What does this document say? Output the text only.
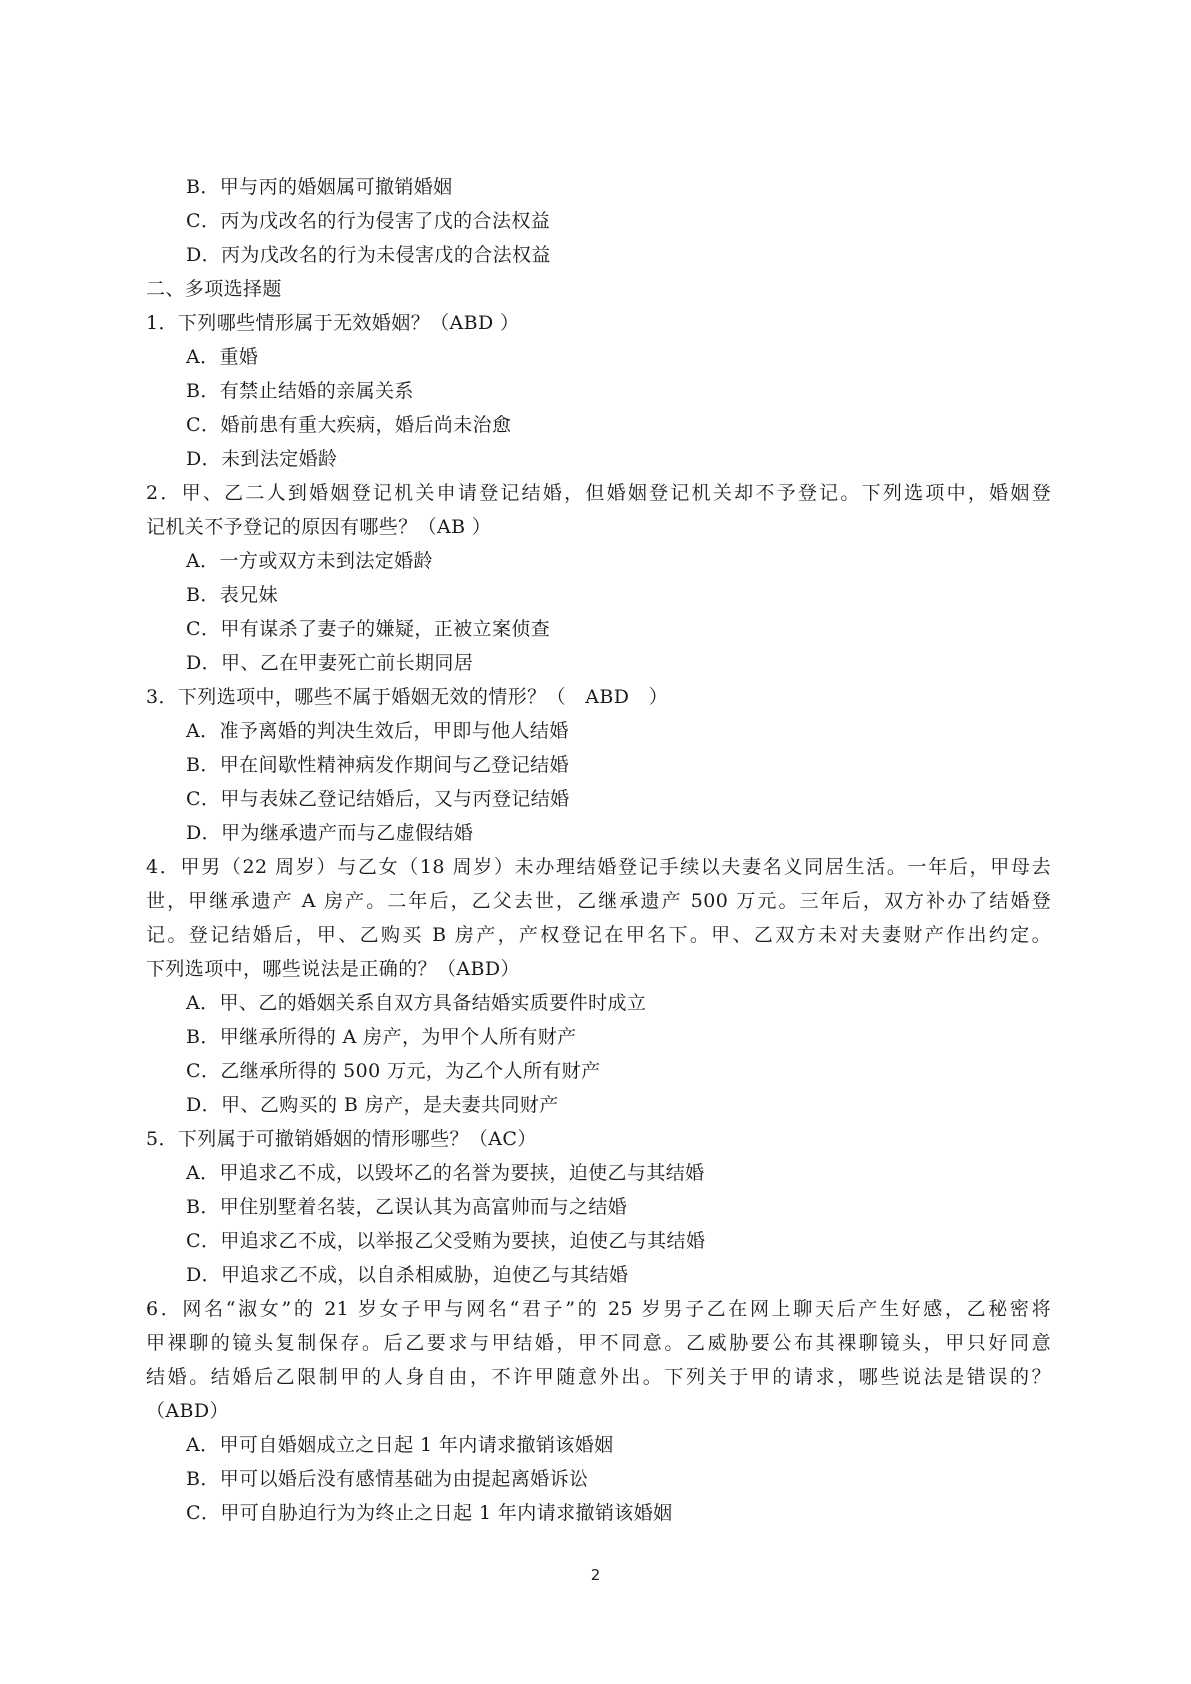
B．甲与丙的婚姻属可撤销婚姻
C．丙为戊改名的行为侵害了戊的合法权益
D．丙为戊改名的行为未侵害戊的合法权益
二、多项选择题
1．下列哪些情形属于无效婚姻？（ABD ）
A．重婚
B．有禁止结婚的亲属关系
C．婚前患有重大疾病，婚后尚未治愈
D．未到法定婚龄
2．甲、乙二人到婚姻登记机关申请登记结婚，但婚姻登记机关却不予登记。下列选项中，婚姻登
记机关不予登记的原因有哪些？（AB ）
A．一方或双方未到法定婚龄
B．表兄妹
C．甲有谋杀了妻子的嫌疑，正被立案侦查
D．甲、乙在甲妻死亡前长期同居
3．下列选项中，哪些不属于婚姻无效的情形？（　ABD　）
A．准予离婚的判决生效后，甲即与他人结婚
B．甲在间歇性精神病发作期间与乙登记结婚
C．甲与表妹乙登记结婚后，又与丙登记结婚
D．甲为继承遗产而与乙虚假结婚
4．甲男（22 周岁）与乙女（18 周岁）未办理结婚登记手续以夫妻名义同居生活。一年后，甲母去
世，甲继承遗产 A 房产。二年后，乙父去世，乙继承遗产 500 万元。三年后，双方补办了结婚登
记。登记结婚后，甲、乙购买 B 房产，产权登记在甲名下。甲、乙双方未对夫妻财产作出约定。
下列选项中，哪些说法是正确的？（ABD）
A．甲、乙的婚姻关系自双方具备结婚实质要件时成立
B．甲继承所得的 A 房产，为甲个人所有财产
C．乙继承所得的 500 万元，为乙个人所有财产
D．甲、乙购买的 B 房产，是夫妻共同财产
5．下列属于可撤销婚姻的情形哪些？（AC）
A．甲追求乙不成，以毁坏乙的名誉为要挟，迫使乙与其结婚
B．甲住别墅着名装，乙误认其为高富帅而与之结婚
C．甲追求乙不成，以举报乙父受贿为要挟，迫使乙与其结婚
D．甲追求乙不成，以自杀相威胁，迫使乙与其结婚
6．网名“淑女”的 21 岁女子甲与网名“君子”的 25 岁男子乙在网上聊天后产生好感，乙秘密将
甲裸聊的镜头复制保存。后乙要求与甲结婚，甲不同意。乙威胁要公布其裸聊镜头，甲只好同意
结婚。结婚后乙限制甲的人身自由，不许甲随意外出。下列关于甲的请求，哪些说法是错误的？
（ABD）
A．甲可自婚姻成立之日起 1 年内请求撤销该婚姻
B．甲可以婚后没有感情基础为由提起离婚诉讼
C．甲可自胁迫行为为终止之日起 1 年内请求撤销该婚姻
2
